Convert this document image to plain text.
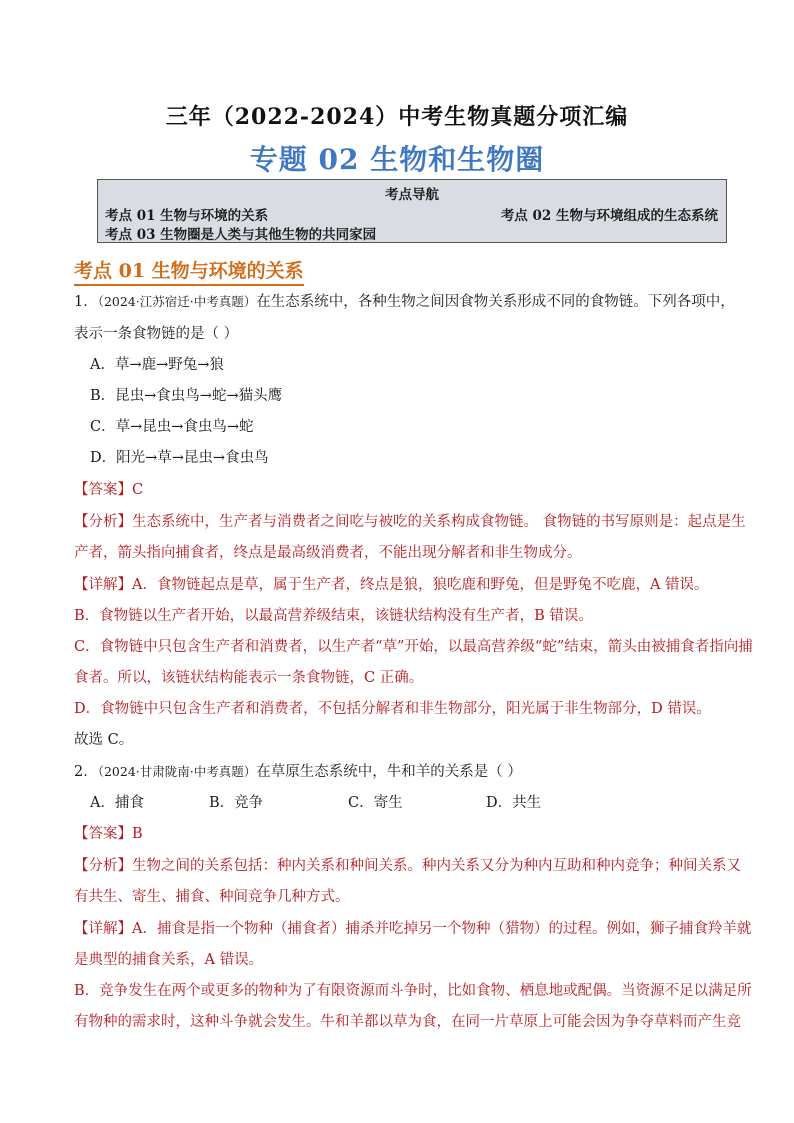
三年（2022-2024）中考生物真题分项汇编
专题 02 生物和生物圈
考点导航
考点 01 生物与环境的关系	考点 02 生物与环境组成的生态系统
考点 03 生物圈是人类与其他生物的共同家园
考点 01 生物与环境的关系
1．（2024·江苏宿迁·中考真题）在生态系统中，各种生物之间因食物关系形成不同的食物链。下列各项中，
表示一条食物链的是（ ）
A．草→鹿→野兔→狼
B．昆虫→食虫鸟→蛇→猫头鹰
C．草→昆虫→食虫鸟→蛇
D．阳光→草→昆虫→食虫鸟
【答案】C
【分析】生态系统中，生产者与消费者之间吃与被吃的关系构成食物链。 食物链的书写原则是：起点是生
产者，箭头指向捕食者，终点是最高级消费者，不能出现分解者和非生物成分。
【详解】A．食物链起点是草，属于生产者，终点是狼，狼吃鹿和野兔，但是野兔不吃鹿，A 错误。
B．食物链以生产者开始，以最高营养级结束，该链状结构没有生产者，B 错误。
C．食物链中只包含生产者和消费者，以生产者“草”开始，以最高营养级“蛇”结束，箭头由被捕食者指向捕
食者。所以，该链状结构能表示一条食物链，C 正确。
D．食物链中只包含生产者和消费者，不包括分解者和非生物部分，阳光属于非生物部分，D 错误。
故选 C。
2．（2024·甘肃陇南·中考真题）在草原生态系统中，牛和羊的关系是（ ）
A．捕食	B．竞争	C．寄生	D．共生
【答案】B
【分析】生物之间的关系包括：种内关系和种间关系。种内关系又分为种内互助和种内竞争；种间关系又
有共生、寄生、捕食、种间竞争几种方式。
【详解】A．捕食是指一个物种（捕食者）捕杀并吃掉另一个物种（猎物）的过程。例如，狮子捕食羚羊就
是典型的捕食关系，A 错误。
B．竞争发生在两个或更多的物种为了有限资源而斗争时，比如食物、栖息地或配偶。当资源不足以满足所
有物种的需求时，这种斗争就会发生。牛和羊都以草为食，在同一片草原上可能会因为争夺草料而产生竞
